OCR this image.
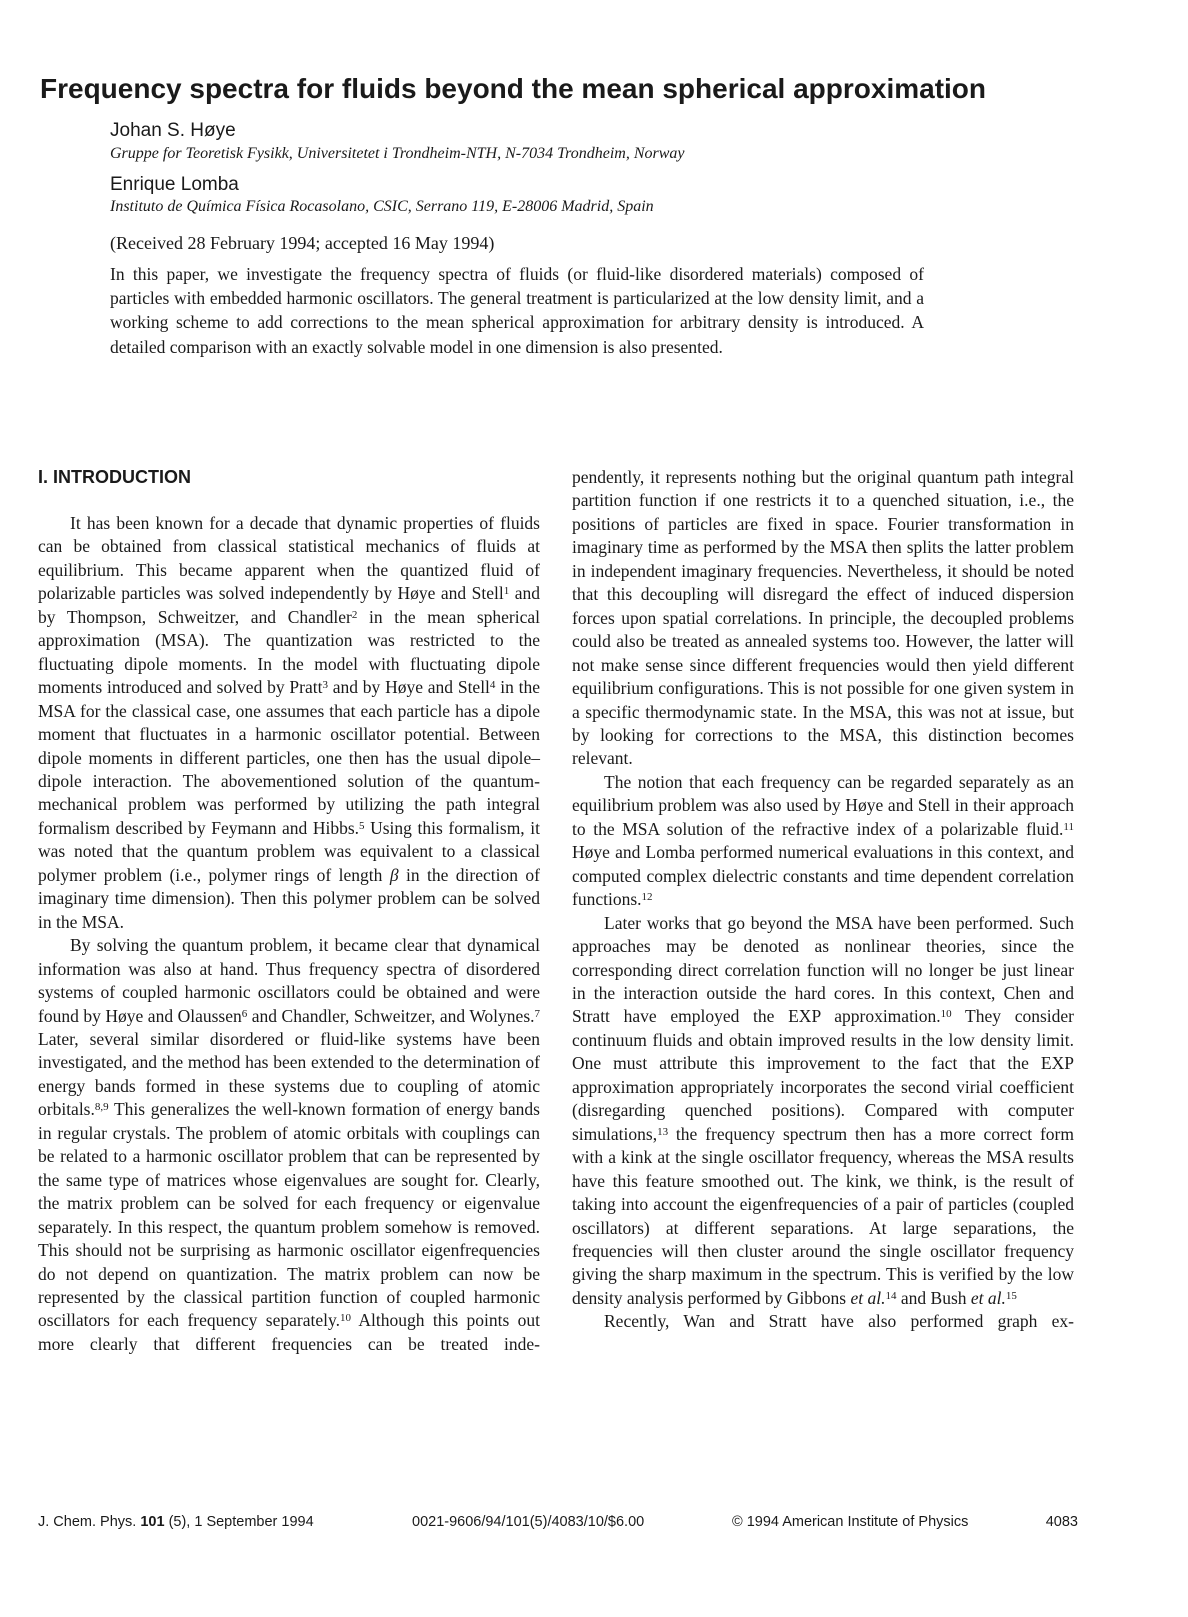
Frequency spectra for fluids beyond the mean spherical approximation
Johan S. Høye
Gruppe for Teoretisk Fysikk, Universitetet i Trondheim-NTH, N-7034 Trondheim, Norway
Enrique Lomba
Instituto de Química Física Rocasolano, CSIC, Serrano 119, E-28006 Madrid, Spain
(Received 28 February 1994; accepted 16 May 1994)

In this paper, we investigate the frequency spectra of fluids (or fluid-like disordered materials) composed of particles with embedded harmonic oscillators. The general treatment is particularized at the low density limit, and a working scheme to add corrections to the mean spherical approximation for arbitrary density is introduced. A detailed comparison with an exactly solvable model in one dimension is also presented.

I. INTRODUCTION

It has been known for a decade that dynamic properties of fluids can be obtained from classical statistical mechanics of fluids at equilibrium. This became apparent when the quantized fluid of polarizable particles was solved independently by Høye and Stell$^1$ and by Thompson, Schweitzer, and Chandler$^2$ in the mean spherical approximation (MSA). The quantization was restricted to the fluctuating dipole moments. In the model with fluctuating dipole moments introduced and solved by Pratt$^3$ and by Høye and Stell$^4$ in the MSA for the classical case, one assumes that each particle has a dipole moment that fluctuates in a harmonic oscillator potential. Between dipole moments in different particles, one then has the usual dipole–dipole interaction. The abovementioned solution of the quantum-mechanical problem was performed by utilizing the path integral formalism described by Feymann and Hibbs.$^5$ Using this formalism, it was noted that the quantum problem was equivalent to a classical polymer problem (i.e., polymer rings of length β in the direction of imaginary time dimension). Then this polymer problem can be solved in the MSA.

By solving the quantum problem, it became clear that dynamical information was also at hand. Thus frequency spectra of disordered systems of coupled harmonic oscillators could be obtained and were found by Høye and Olaussen$^6$ and Chandler, Schweitzer, and Wolynes.$^7$ Later, several similar disordered or fluid-like systems have been investigated, and the method has been extended to the determination of energy bands formed in these systems due to coupling of atomic orbitals.$^{8,9}$ This generalizes the well-known formation of energy bands in regular crystals. The problem of atomic orbitals with couplings can be related to a harmonic oscillator problem that can be represented by the same type of matrices whose eigenvalues are sought for. Clearly, the matrix problem can be solved for each frequency or eigenvalue separately. In this respect, the quantum problem somehow is removed. This should not be surprising as harmonic oscillator eigenfrequencies do not depend on quantization. The matrix problem can now be represented by the classical partition function of coupled harmonic oscillators for each frequency separately.$^{10}$ Although this points out more clearly that different frequencies can be treated inde-

pendently, it represents nothing but the original quantum path integral partition function if one restricts it to a quenched situation, i.e., the positions of particles are fixed in space. Fourier transformation in imaginary time as performed by the MSA then splits the latter problem in independent imaginary frequencies. Nevertheless, it should be noted that this decoupling will disregard the effect of induced dispersion forces upon spatial correlations. In principle, the decoupled problems could also be treated as annealed systems too. However, the latter will not make sense since different frequencies would then yield different equilibrium configurations. This is not possible for one given system in a specific thermodynamic state. In the MSA, this was not at issue, but by looking for corrections to the MSA, this distinction becomes relevant.

The notion that each frequency can be regarded separately as an equilibrium problem was also used by Høye and Stell in their approach to the MSA solution of the refractive index of a polarizable fluid.$^{11}$ Høye and Lomba performed numerical evaluations in this context, and computed complex dielectric constants and time dependent correlation functions.$^{12}$

Later works that go beyond the MSA have been performed. Such approaches may be denoted as nonlinear theories, since the corresponding direct correlation function will no longer be just linear in the interaction outside the hard cores. In this context, Chen and Stratt have employed the EXP approximation.$^{10}$ They consider continuum fluids and obtain improved results in the low density limit. One must attribute this improvement to the fact that the EXP approximation appropriately incorporates the second virial coefficient (disregarding quenched positions). Compared with computer simulations,$^{13}$ the frequency spectrum then has a more correct form with a kink at the single oscillator frequency, whereas the MSA results have this feature smoothed out. The kink, we think, is the result of taking into account the eigenfrequencies of a pair of particles (coupled oscillators) at different separations. At large separations, the frequencies will then cluster around the single oscillator frequency giving the sharp maximum in the spectrum. This is verified by the low density analysis performed by Gibbons et al.$^{14}$ and Bush et al.$^{15}$

Recently, Wan and Stratt have also performed graph ex-

J. Chem. Phys. 101 (5), 1 September 1994	0021-9606/94/101(5)/4083/10/$6.00	© 1994 American Institute of Physics	4083
